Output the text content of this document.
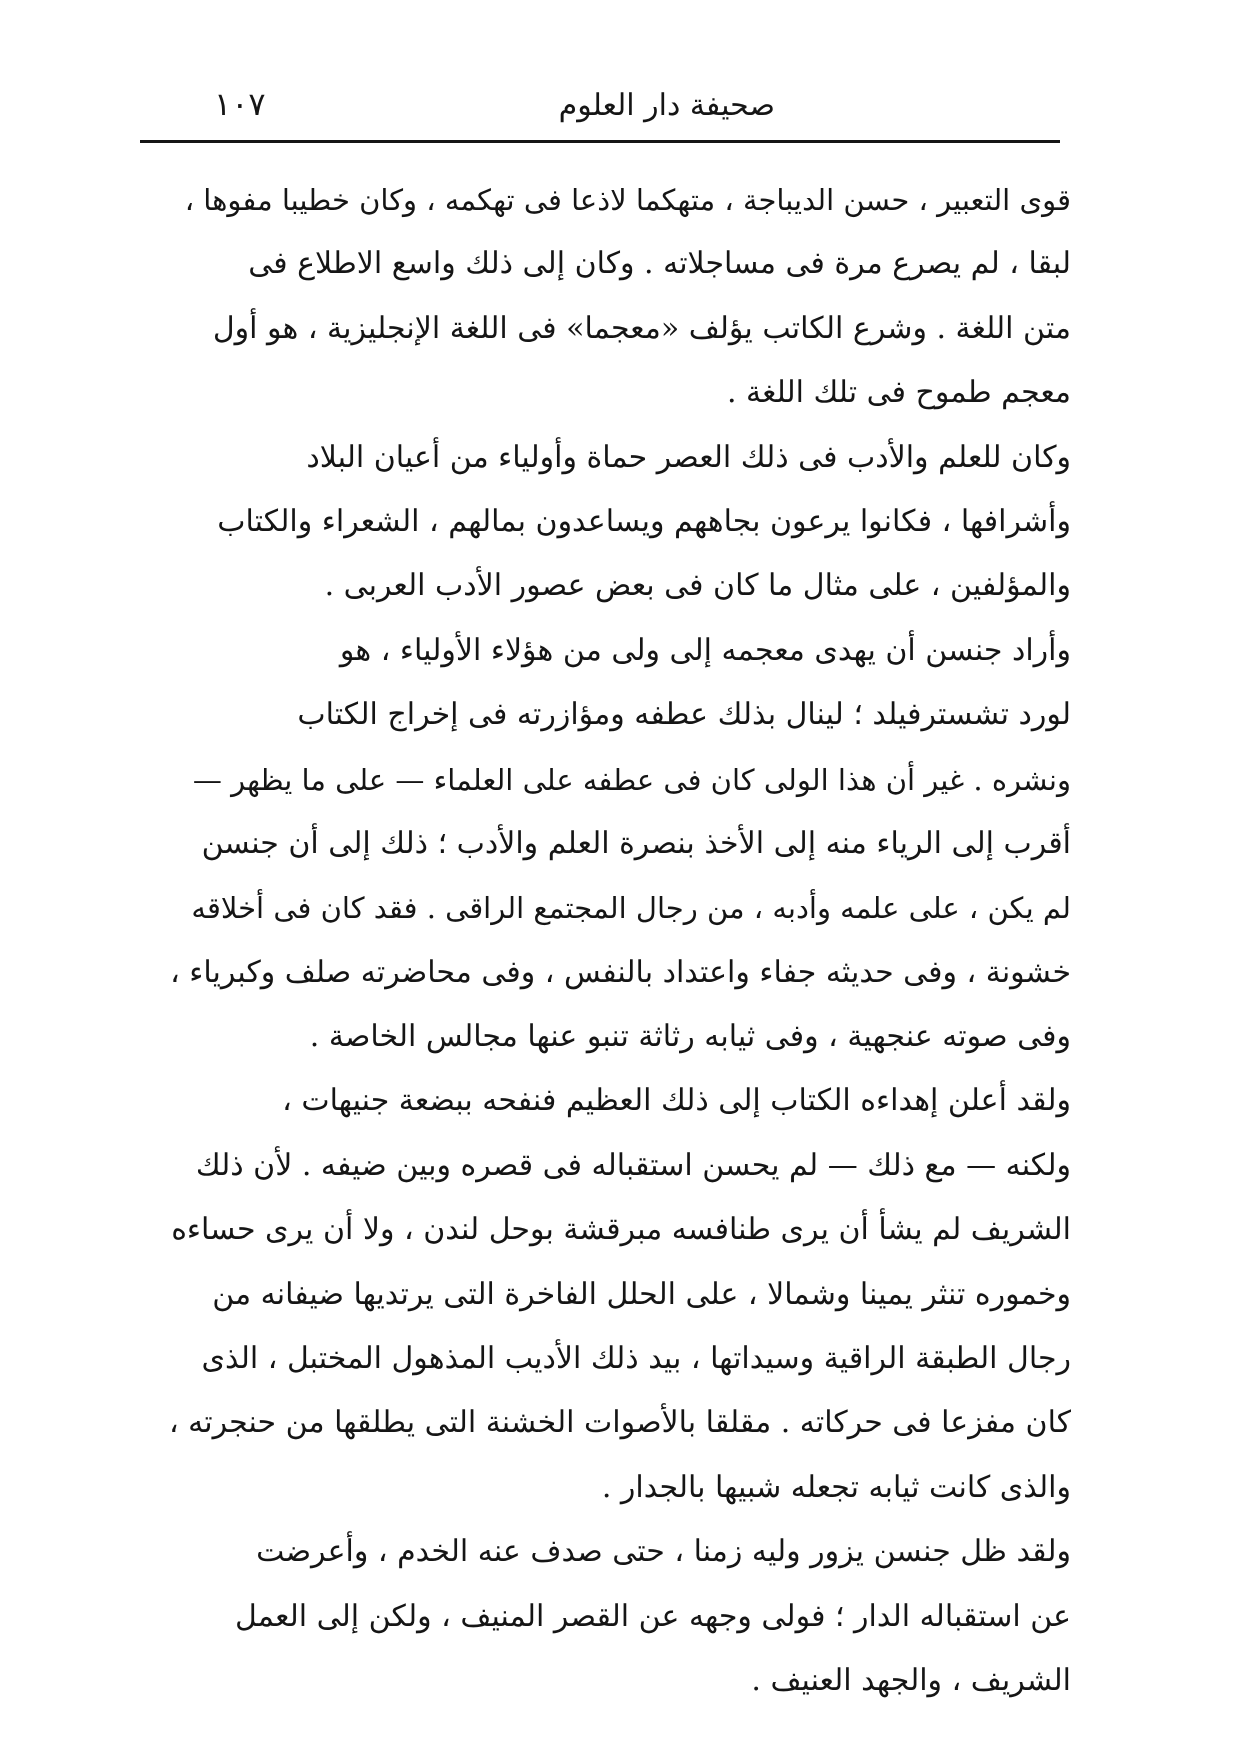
صحيفة دار العلوم
١٠٧
قوى التعبير ، حسن الديباجة ، متهكما لاذعا فى تهكمه ، وكان خطيبا مفوها ،
لبقا ، لم يصرع مرة فى مساجلاته . وكان إلى ذلك واسع الاطلاع فى
متن اللغة . وشرع الكاتب يؤلف «معجما» فى اللغة الإنجليزية ، هو أول
معجم طموح فى تلك اللغة .
وكان للعلم والأدب فى ذلك العصر حماة وأولياء من أعيان البلاد
وأشرافها ، فكانوا يرعون بجاههم ويساعدون بمالهم ، الشعراء والكتاب
والمؤلفين ، على مثال ما كان فى بعض عصور الأدب العربى .
وأراد جنسن أن يهدى معجمه إلى ولى من هؤلاء الأولياء ، هو
لورد تشسترفيلد ؛ لينال بذلك عطفه ومؤازرته فى إخراج الكتاب
ونشره . غير أن هذا الولى كان فى عطفه على العلماء — على ما يظهر —
أقرب إلى الرياء منه إلى الأخذ بنصرة العلم والأدب ؛ ذلك إلى أن جنسن
لم يكن ، على علمه وأدبه ، من رجال المجتمع الراقى . فقد كان فى أخلاقه
خشونة ، وفى حديثه جفاء واعتداد بالنفس ، وفى محاضرته صلف وكبرياء ،
وفى صوته عنجهية ، وفى ثيابه رثاثة تنبو عنها مجالس الخاصة .
ولقد أعلن إهداءه الكتاب إلى ذلك العظيم فنفحه ببضعة جنيهات ،
ولكنه — مع ذلك — لم يحسن استقباله فى قصره وبين ضيفه . لأن ذلك
الشريف لم يشأ أن يرى طنافسه مبرقشة بوحل لندن ، ولا أن يرى حساءه
وخموره تنثر يمينا وشمالا ، على الحلل الفاخرة التى يرتديها ضيفانه من
رجال الطبقة الراقية وسيداتها ، بيد ذلك الأديب المذهول المختبل ، الذى
كان مفزعا فى حركاته . مقلقا بالأصوات الخشنة التى يطلقها من حنجرته ،
والذى كانت ثيابه تجعله شبيها بالجدار .
ولقد ظل جنسن يزور وليه زمنا ، حتى صدف عنه الخدم ، وأعرضت
عن استقباله الدار ؛ فولى وجهه عن القصر المنيف ، ولكن إلى العمل
الشريف ، والجهد العنيف .
